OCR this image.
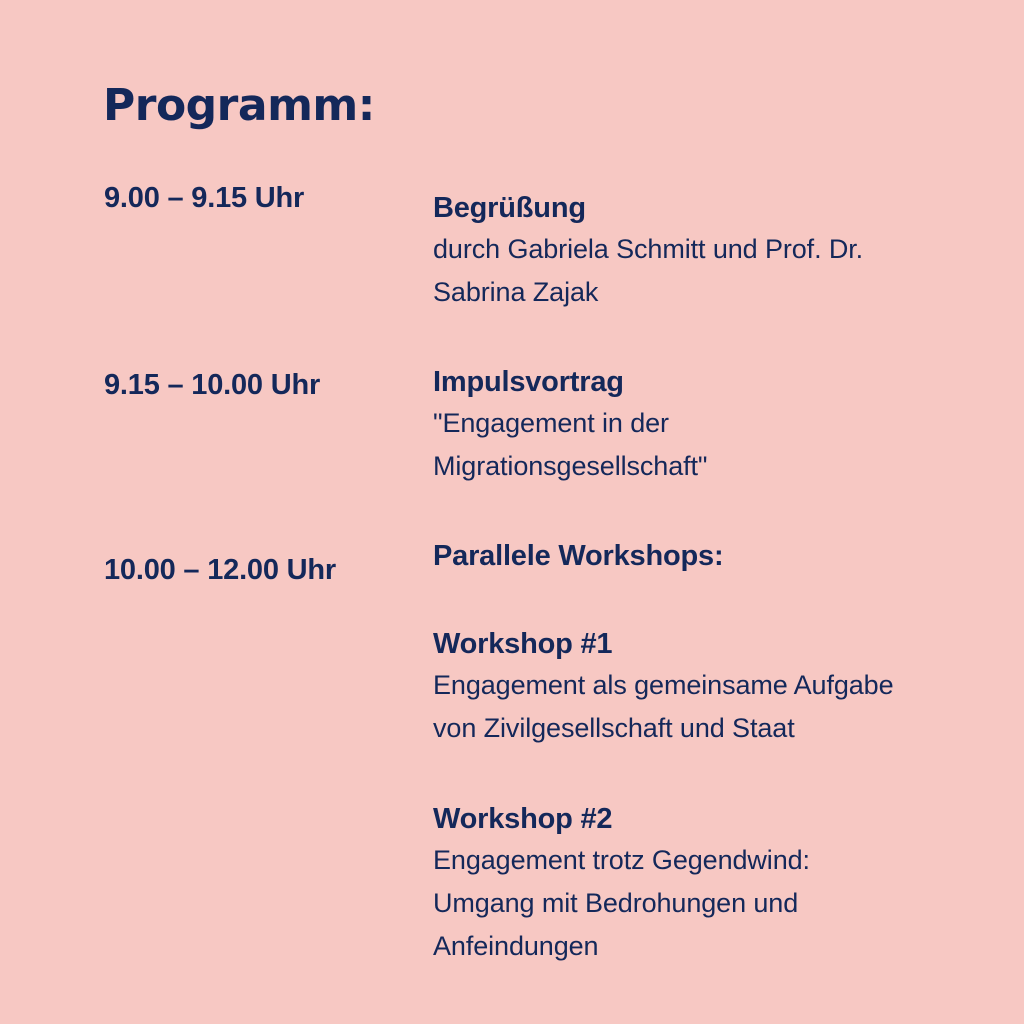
Programm:
9.00 – 9.15 Uhr	Begrüßung
durch Gabriela Schmitt und Prof. Dr.
Sabrina Zajak
9.15 – 10.00 Uhr	Impulsvortrag
"Engagement in der
Migrationsgesellschaft"
10.00 – 12.00 Uhr	Parallele Workshops:
Workshop #1
Engagement als gemeinsame Aufgabe
von Zivilgesellschaft und Staat
Workshop #2
Engagement trotz Gegendwind:
Umgang mit Bedrohungen und
Anfeindungen
